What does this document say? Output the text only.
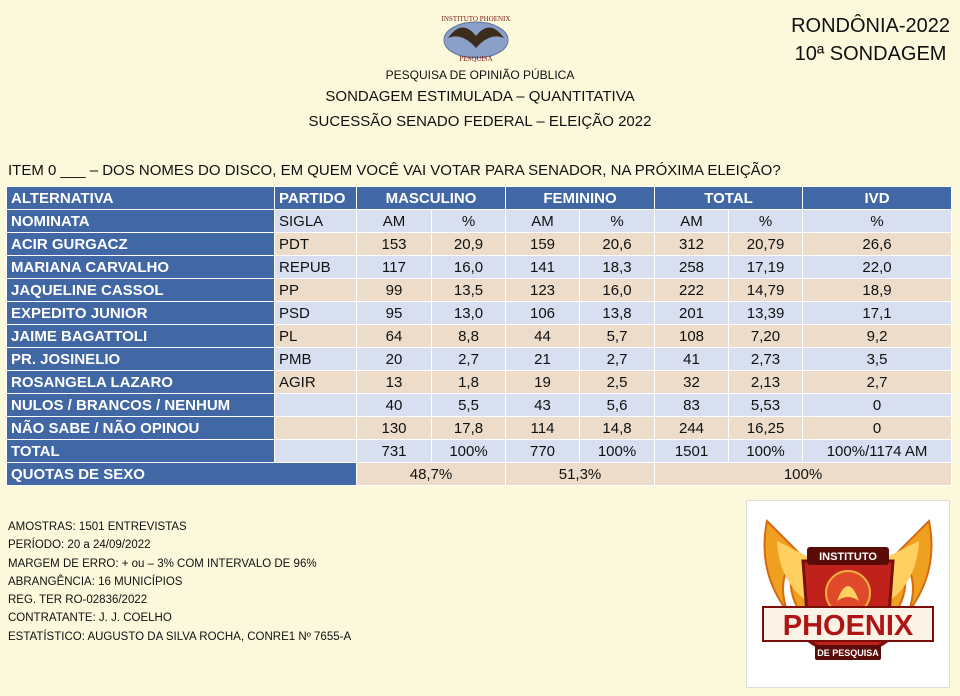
INSTITUTO PHOENIX
PESQUISA
RONDÔNIA-2022
10ª SONDAGEM
PESQUISA DE OPINIÃO PÚBLICA
SONDAGEM ESTIMULADA – QUANTITATIVA
SUCESSÃO SENADO FEDERAL – ELEIÇÃO 2022
ITEM 0 ___ – DOS NOMES DO DISCO, EM QUEM VOCÊ VAI VOTAR PARA SENADOR, NA PRÓXIMA ELEIÇÃO?
ALTERNATIVA	PARTIDO	MASCULINO		FEMININO		TOTAL		IVD
NOMINATA	SIGLA	AM	%	AM	%	AM	%	%
ACIR GURGACZ	PDT	153	20,9	159	20,6	312	20,79	26,6
MARIANA CARVALHO	REPUB	117	16,0	141	18,3	258	17,19	22,0
JAQUELINE CASSOL	PP	99	13,5	123	16,0	222	14,79	18,9
EXPEDITO JUNIOR	PSD	95	13,0	106	13,8	201	13,39	17,1
JAIME BAGATTOLI	PL	64	8,8	44	5,7	108	7,20	9,2
PR. JOSINELIO	PMB	20	2,7	21	2,7	41	2,73	3,5
ROSANGELA LAZARO	AGIR	13	1,8	19	2,5	32	2,13	2,7
NULOS / BRANCOS / NENHUM		40	5,5	43	5,6	83	5,53	0
NÃO SABE / NÃO OPINOU		130	17,8	114	14,8	244	16,25	0
TOTAL		731	100%	770	100%	1501	100%	100%/1174 AM
QUOTAS DE SEXO		48,7%		51,3%		100%		
AMOSTRAS: 1501 ENTREVISTAS
PERÍODO: 20 a 24/09/2022
MARGEM DE ERRO: + ou – 3% COM INTERVALO DE 96%
ABRANGÊNCIA: 16 MUNICÍPIOS
REG. TER RO-02836/2022
CONTRATANTE: J. J. COELHO
ESTATÍSTICO: AUGUSTO DA SILVA ROCHA, CONRE1 Nº 7655-A
INSTITUTO
PHOENIX
DE PESQUISA
